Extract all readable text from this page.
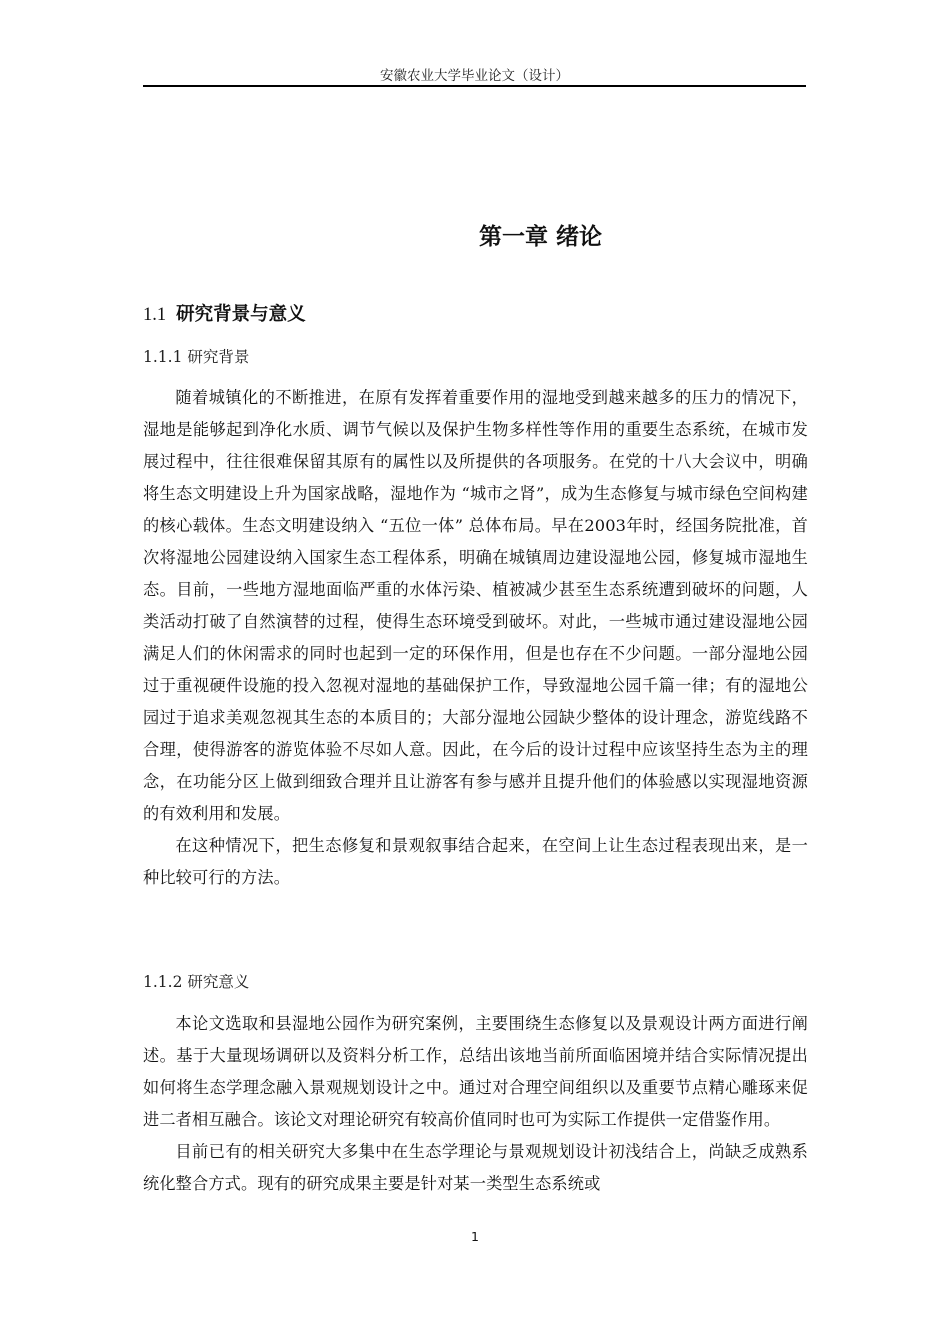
安徽农业大学毕业论文（设计）
第一章 绪论
1.1 研究背景与意义
1.1.1 研究背景

随着城镇化的不断推进，在原有发挥着重要作用的湿地受到越来越多的压力的情况下，湿地是能够起到净化水质、调节气候以及保护生物多样性等作用的重要生态系统，在城市发展过程中，往往很难保留其原有的属性以及所提供的各项服务。在党的十八大会议中，明确将生态文明建设上升为国家战略，湿地作为 “城市之肾”，成为生态修复与城市绿色空间构建的核心载体。生态文明建设纳入 “五位一体” 总体布局。早在2003年时，经国务院批准，首次将湿地公园建设纳入国家生态工程体系，明确在城镇周边建设湿地公园，修复城市湿地生态。目前，一些地方湿地面临严重的水体污染、植被减少甚至生态系统遭到破坏的问题，人类活动打破了自然演替的过程，使得生态环境受到破坏。对此，一些城市通过建设湿地公园满足人们的休闲需求的同时也起到一定的环保作用，但是也存在不少问题。一部分湿地公园过于重视硬件设施的投入忽视对湿地的基础保护工作，导致湿地公园千篇一律；有的湿地公园过于追求美观忽视其生态的本质目的；大部分湿地公园缺少整体的设计理念，游览线路不合理，使得游客的游览体验不尽如人意。因此，在今后的设计过程中应该坚持生态为主的理念，在功能分区上做到细致合理并且让游客有参与感并且提升他们的体验感以实现湿地资源的有效利用和发展。

在这种情况下，把生态修复和景观叙事结合起来，在空间上让生态过程表现出来，是一种比较可行的方法。

1.1.2 研究意义

本论文选取和县湿地公园作为研究案例，主要围绕生态修复以及景观设计两方面进行阐述。基于大量现场调研以及资料分析工作，总结出该地当前所面临困境并结合实际情况提出如何将生态学理念融入景观规划设计之中。通过对合理空间组织以及重要节点精心雕琢来促进二者相互融合。该论文对理论研究有较高价值同时也可为实际工作提供一定借鉴作用。

目前已有的相关研究大多集中在生态学理论与景观规划设计初浅结合上，尚缺乏成熟系统化整合方式。现有的研究成果主要是针对某一类型生态系统或

1
